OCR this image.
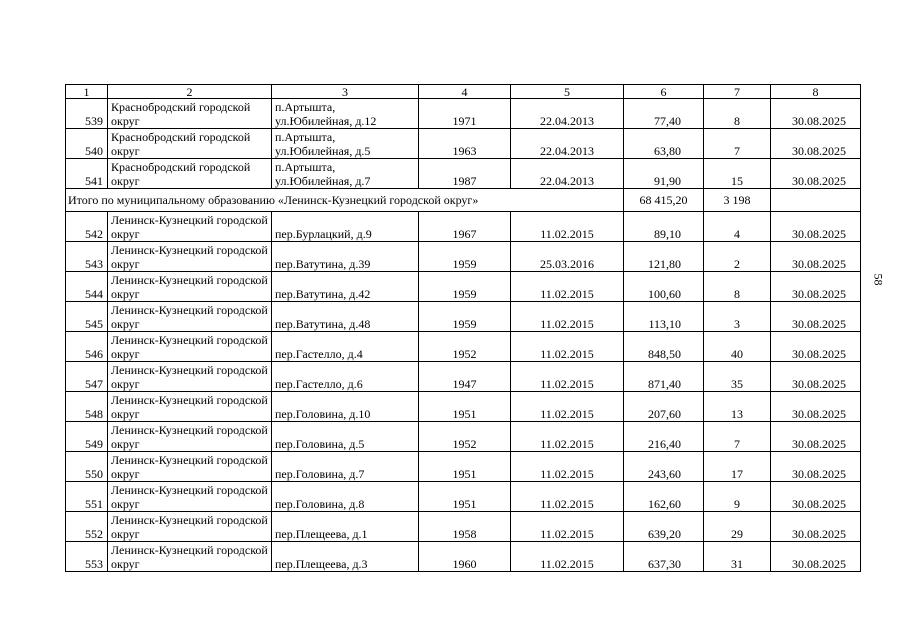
58
1	2	3	4	5	6	7	8
539	Краснобродский городской округ	п.Артышта,
ул.Юбилейная, д.12	1971	22.04.2013	77,40	8	30.08.2025
540	Краснобродский городской округ	п.Артышта,
ул.Юбилейная, д.5	1963	22.04.2013	63,80	7	30.08.2025
541	Краснобродский городской округ	п.Артышта,
ул.Юбилейная, д.7	1987	22.04.2013	91,90	15	30.08.2025
Итого по муниципальному образованию «Ленинск-Кузнецкий городской округ»					68 415,20	3 198	
542	Ленинск-Кузнецкий городской округ	пер.Бурлацкий, д.9	1967	11.02.2015	89,10	4	30.08.2025
543	Ленинск-Кузнецкий городской округ	пер.Ватутина, д.39	1959	25.03.2016	121,80	2	30.08.2025
544	Ленинск-Кузнецкий городской округ	пер.Ватутина, д.42	1959	11.02.2015	100,60	8	30.08.2025
545	Ленинск-Кузнецкий городской округ	пер.Ватутина, д.48	1959	11.02.2015	113,10	3	30.08.2025
546	Ленинск-Кузнецкий городской округ	пер.Гастелло, д.4	1952	11.02.2015	848,50	40	30.08.2025
547	Ленинск-Кузнецкий городской округ	пер.Гастелло, д.6	1947	11.02.2015	871,40	35	30.08.2025
548	Ленинск-Кузнецкий городской округ	пер.Головина, д.10	1951	11.02.2015	207,60	13	30.08.2025
549	Ленинск-Кузнецкий городской округ	пер.Головина, д.5	1952	11.02.2015	216,40	7	30.08.2025
550	Ленинск-Кузнецкий городской округ	пер.Головина, д.7	1951	11.02.2015	243,60	17	30.08.2025
551	Ленинск-Кузнецкий городской округ	пер.Головина, д.8	1951	11.02.2015	162,60	9	30.08.2025
552	Ленинск-Кузнецкий городской округ	пер.Плещеева, д.1	1958	11.02.2015	639,20	29	30.08.2025
553	Ленинск-Кузнецкий городской округ	пер.Плещеева, д.3	1960	11.02.2015	637,30	31	30.08.2025
